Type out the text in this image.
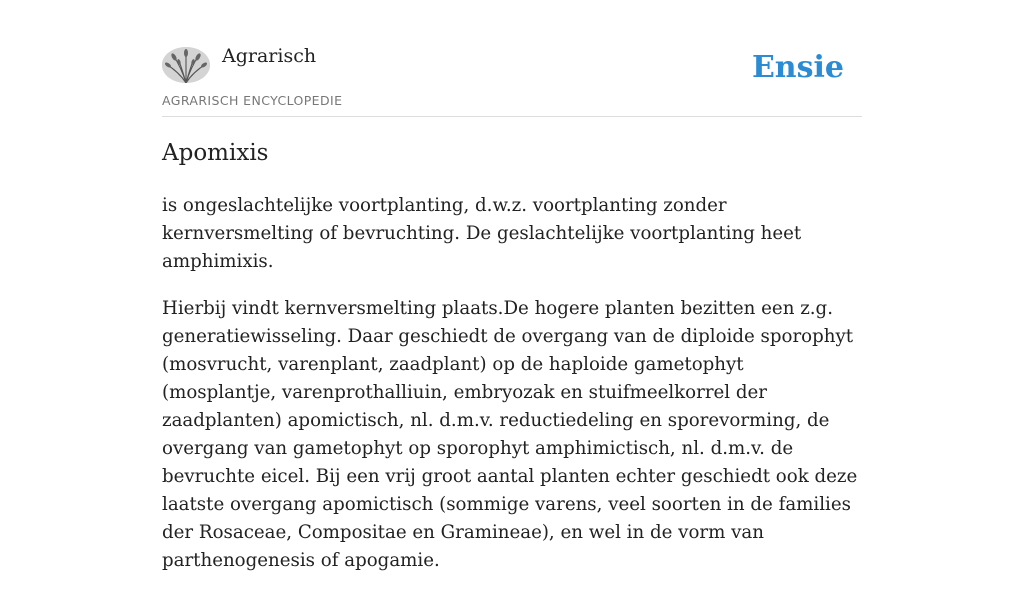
Agrarisch
AGRARISCH ENCYCLOPEDIE
Ensie
Apomixis

is ongeslachtelijke voortplanting, d.w.z. voortplanting zonder kernversmelting of bevruchting. De geslachtelijke voortplanting heet amphimixis.

Hierbij vindt kernversmelting plaats.De hogere planten bezitten een z.g. generatiewisseling. Daar geschiedt de overgang van de diploide sporophyt (mosvrucht, varenplant, zaadplant) op de haploide gametophyt (mosplantje, varenprothalliuin, embryozak en stuifmeelkorrel der zaadplanten) apomictisch, nl. d.m.v. reductiedeling en sporevorming, de overgang van gametophyt op sporophyt amphimictisch, nl. d.m.v. de bevruchte eicel. Bij een vrij groot aantal planten echter geschiedt ook deze laatste overgang apomictisch (sommige varens, veel soorten in de families der Rosaceae, Compositae en Gramineae), en wel in de vorm van parthenogenesis of apogamie.
